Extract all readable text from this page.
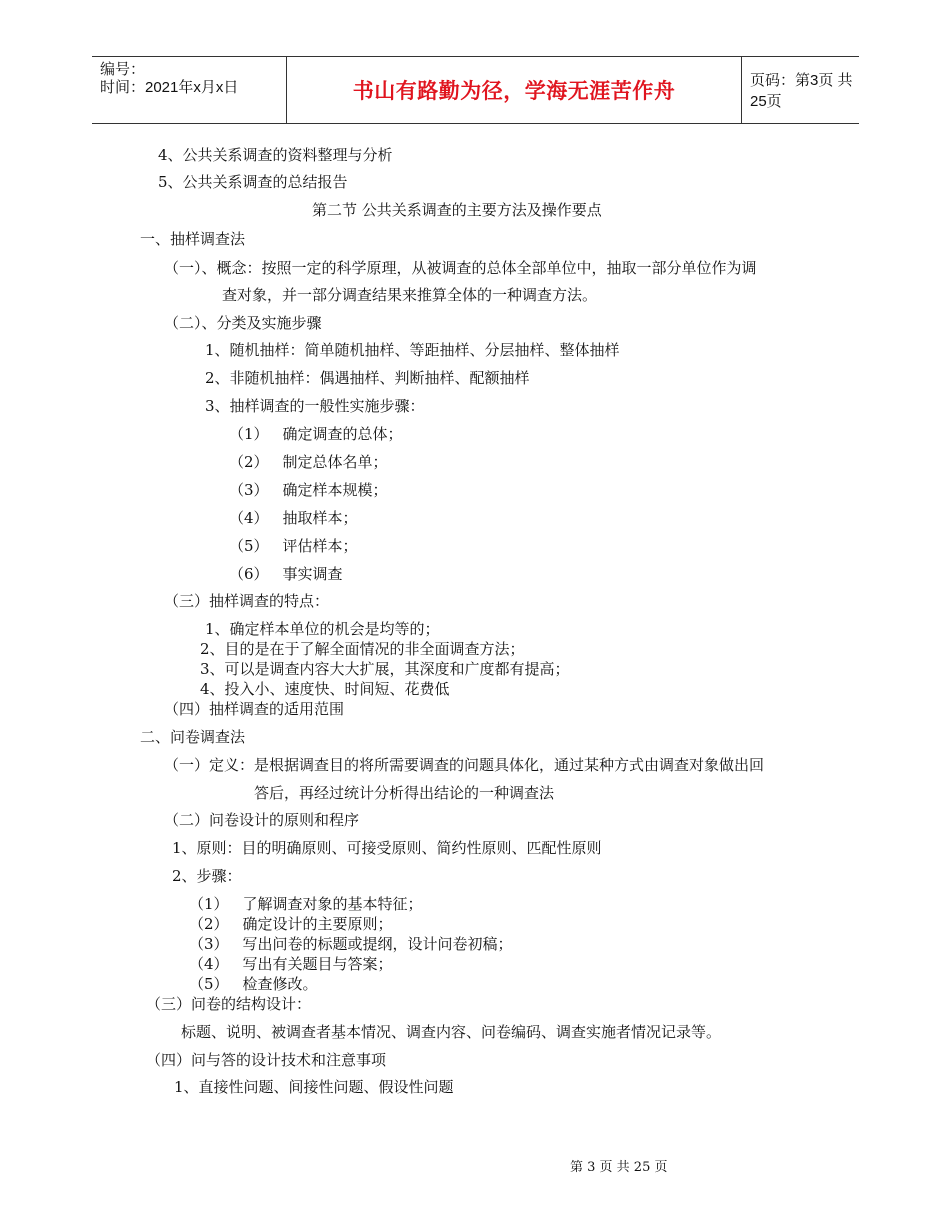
编号：
时间：2021年x月x日	书山有路勤为径，学海无涯苦作舟	页码：第3页 共25页
4、公共关系调查的资料整理与分析
5、公共关系调查的总结报告
第二节 公共关系调查的主要方法及操作要点
一、抽样调查法
（一）、概念：按照一定的科学原理，从被调查的总体全部单位中，抽取一部分单位作为调
查对象，并一部分调查结果来推算全体的一种调查方法。
（二）、分类及实施步骤
1、随机抽样：简单随机抽样、等距抽样、分层抽样、整体抽样
2、非随机抽样：偶遇抽样、判断抽样、配额抽样
3、抽样调查的一般性实施步骤：
（1） 确定调查的总体；
（2） 制定总体名单；
（3） 确定样本规模；
（4） 抽取样本；
（5） 评估样本；
（6） 事实调查
（三）抽样调查的特点：
1、确定样本单位的机会是均等的；
2、目的是在于了解全面情况的非全面调查方法；
3、可以是调查内容大大扩展，其深度和广度都有提高；
4、投入小、速度快、时间短、花费低
（四）抽样调查的适用范围
二、问卷调查法
（一）定义：是根据调查目的将所需要调查的问题具体化，通过某种方式由调查对象做出回
答后，再经过统计分析得出结论的一种调查法
（二）问卷设计的原则和程序
1、原则：目的明确原则、可接受原则、简约性原则、匹配性原则
2、步骤：
（1） 了解调查对象的基本特征；
（2） 确定设计的主要原则；
（3） 写出问卷的标题或提纲，设计问卷初稿；
（4） 写出有关题目与答案；
（5） 检查修改。
（三）问卷的结构设计：
标题、说明、被调查者基本情况、调查内容、问卷编码、调查实施者情况记录等。
（四）问与答的设计技术和注意事项
1、直接性问题、间接性问题、假设性问题
第 3 页 共 25 页
